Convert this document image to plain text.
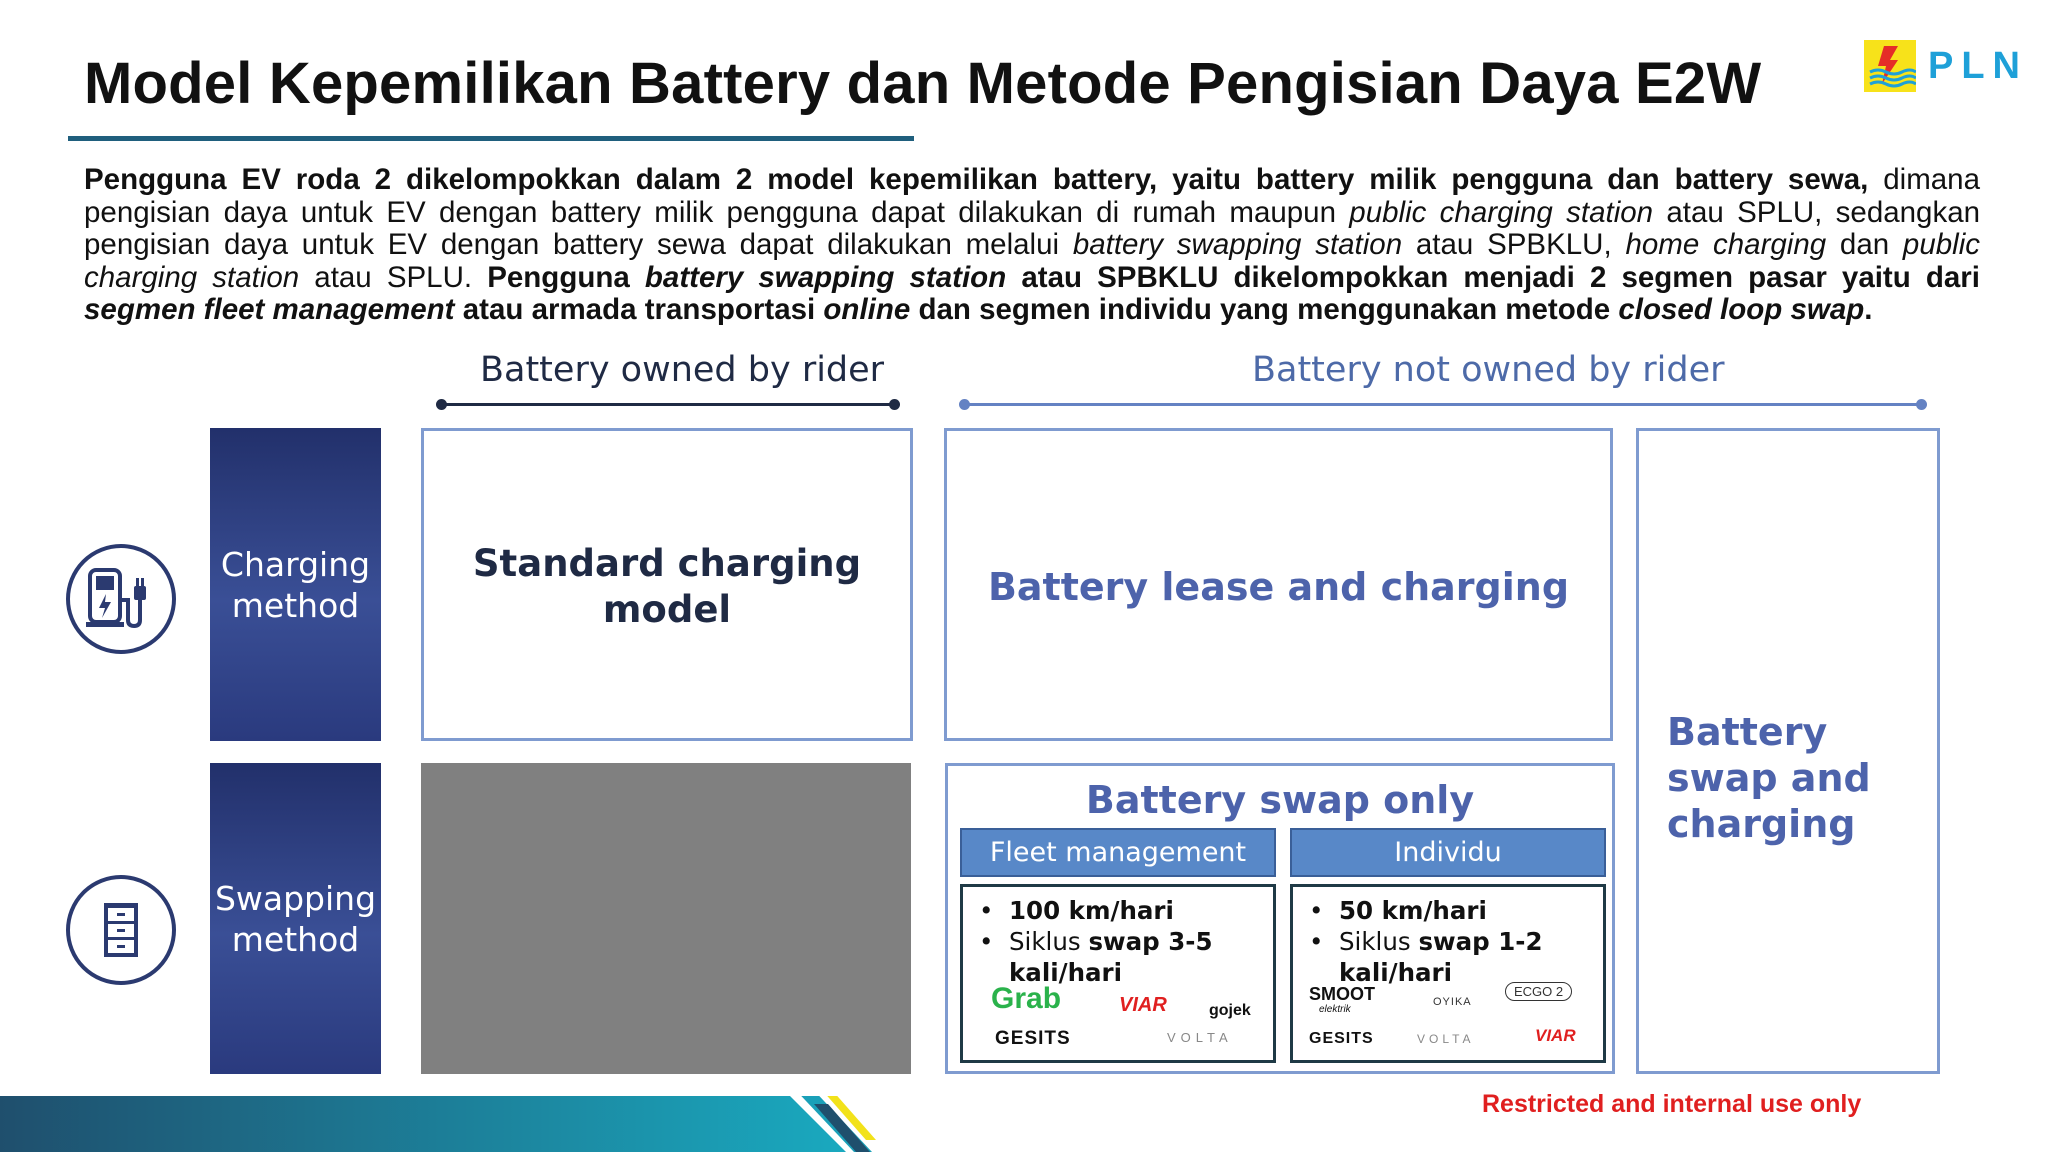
Model Kepemilikan Battery dan Metode Pengisian Daya E2W	PLN

Pengguna EV roda 2 dikelompokkan dalam 2 model kepemilikan battery, yaitu battery milik pengguna dan battery sewa, dimana pengisian daya untuk EV dengan battery milik pengguna dapat dilakukan di rumah maupun public charging station atau SPLU, sedangkan pengisian daya untuk EV dengan battery sewa dapat dilakukan melalui battery swapping station atau SPBKLU, home charging dan public charging station atau SPLU. Pengguna battery swapping station atau SPBKLU dikelompokkan menjadi 2 segmen pasar yaitu dari segmen fleet management atau armada transportasi online dan segmen individu yang menggunakan metode closed loop swap.

Battery owned by rider	Battery not owned by rider
Charging method
Swapping method
Standard charging model
Battery lease and charging
Battery swap and charging
Battery swap only
Fleet management	Individu
• 100 km/hari
• Siklus swap 3-5 kali/hari
Grab	VIAR	gojek
GESITS	VOLTA
• 50 km/hari
• Siklus swap 1-2 kali/hari
SMOOT
elektrik
OYIKA
ECGO 2
GESITS	VOLTA	VIAR
Restricted and internal use only
